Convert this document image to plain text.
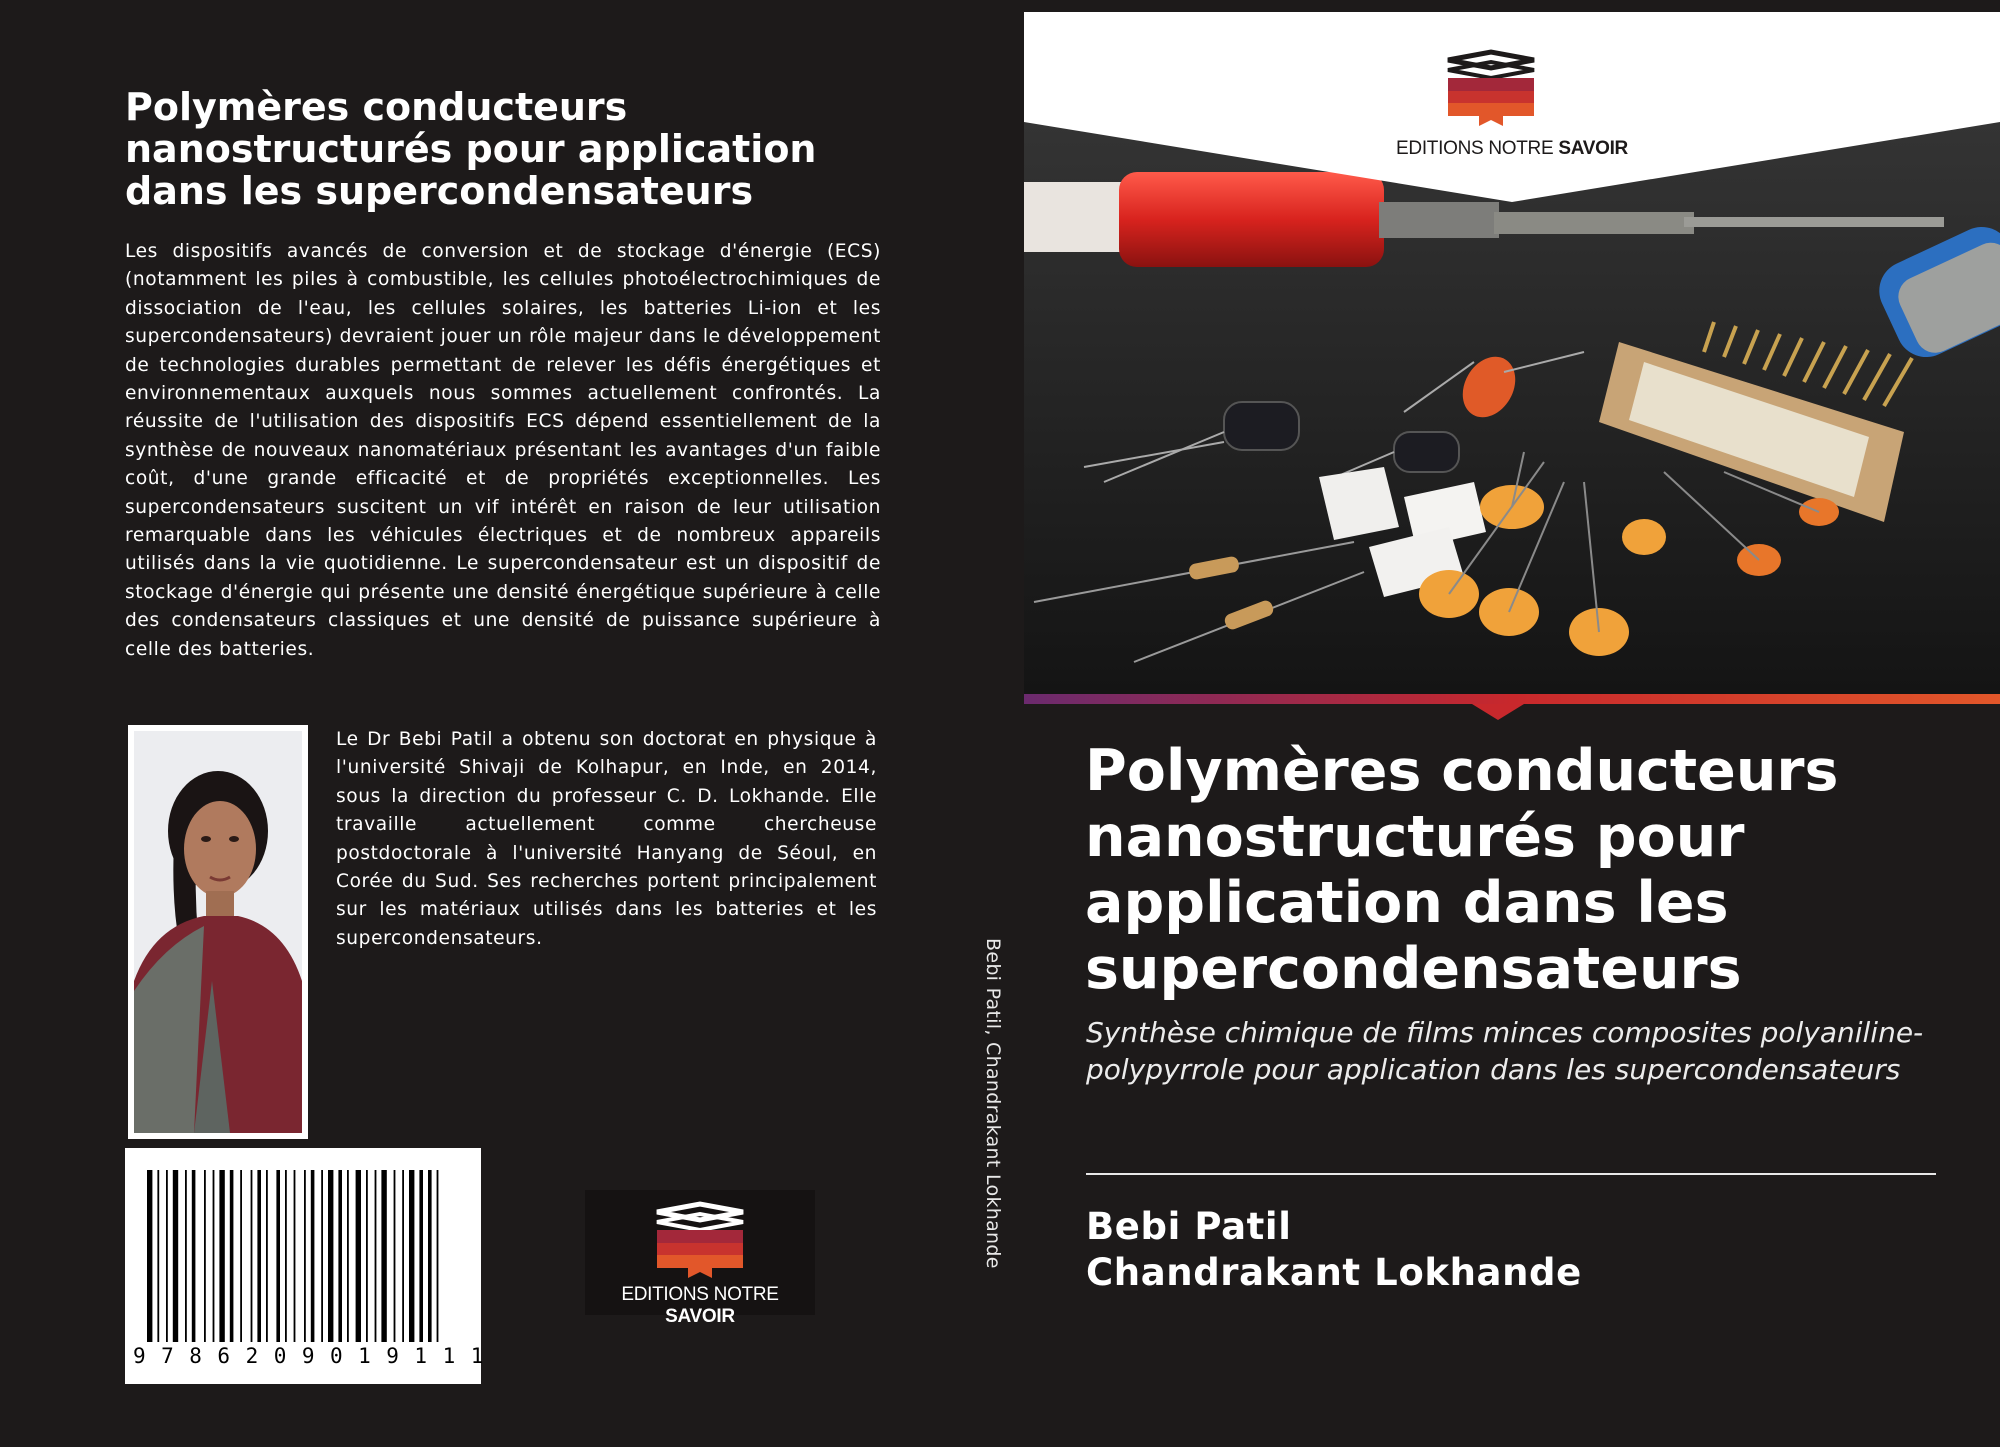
Polymères conducteurs nanostructurés pour application dans les supercondensateurs

Les dispositifs avancés de conversion et de stockage d'énergie (ECS) (notamment les piles à combustible, les cellules photoélectrochimiques de dissociation de l'eau, les cellules solaires, les batteries Li-ion et les supercondensateurs) devraient jouer un rôle majeur dans le développement de technologies durables permettant de relever les défis énergétiques et environnementaux auxquels nous sommes actuellement confrontés. La réussite de l'utilisation des dispositifs ECS dépend essentiellement de la synthèse de nouveaux nanomatériaux présentant les avantages d'un faible coût, d'une grande efficacité et de propriétés exceptionnelles. Les supercondensateurs suscitent un vif intérêt en raison de leur utilisation remarquable dans les véhicules électriques et de nombreux appareils utilisés dans la vie quotidienne. Le supercondensateur est un dispositif de stockage d'énergie qui présente une densité énergétique supérieure à celle des condensateurs classiques et une densité de puissance supérieure à celle des batteries.

Le Dr Bebi Patil a obtenu son doctorat en physique à l'université Shivaji de Kolhapur, en Inde, en 2014, sous la direction du professeur C. D. Lokhande. Elle travaille actuellement comme chercheuse postdoctorale à l'université Hanyang de Séoul, en Corée du Sud. Ses recherches portent principalement sur les matériaux utilisés dans les batteries et les supercondensateurs.

9786209019111
EDITIONS NOTRE SAVOIR
Bebi Patil, Chandrakant Lokhande
EDITIONS NOTRE SAVOIR
Polymères conducteurs nanostructurés pour application dans les supercondensateurs

Synthèse chimique de films minces composites polyaniline-polypyrrole pour application dans les supercondensateurs

Bebi Patil

Chandrakant Lokhande
